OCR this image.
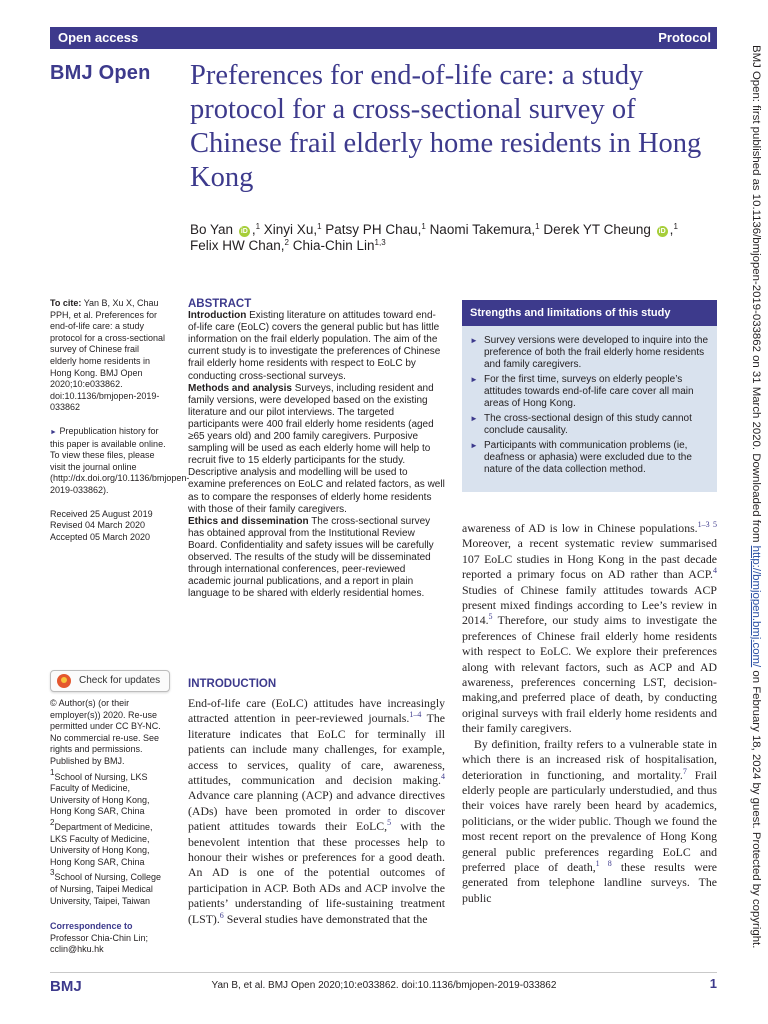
Open access	Protocol
BMJ Open Preferences for end-of-life care: a study protocol for a cross-sectional survey of Chinese frail elderly home residents in Hong Kong
Bo Yan iD ,$^1$ Xinyi Xu,$^1$ Patsy PH Chau,$^1$ Naomi Takemura,$^1$ Derek YT Cheung iD ,$^1$
Felix HW Chan,$^2$ Chia-Chin Lin$^{1,3}$
To cite: Yan B, Xu X, Chau PPH, et al. Preferences for end-of-life care: a study protocol for a cross-sectional survey of Chinese frail elderly home residents in Hong Kong. BMJ Open 2020;10:e033862. doi:10.1136/bmjopen-2019-033862
► Prepublication history for this paper is available online. To view these files, please visit the journal online (http://dx.doi.org/10.1136/bmjopen-2019-033862).

Received 25 August 2019

Revised 04 March 2020

Accepted 05 March 2020

Check for updates

© Author(s) (or their employer(s)) 2020. Re-use permitted under CC BY-NC. No commercial re-use. See rights and permissions. Published by BMJ.

$^1$School of Nursing, LKS Faculty of Medicine, University of Hong Kong, Hong Kong SAR, China

$^2$Department of Medicine, LKS Faculty of Medicine, University of Hong Kong, Hong Kong SAR, China

$^3$School of Nursing, College of Nursing, Taipei Medical University, Taipei, Taiwan

Correspondence to
Professor Chia-Chin Lin;
cclin@hku.hk

ABSTRACT

Introduction Existing literature on attitudes toward end-of-life care (EoLC) covers the general public but has little information on the frail elderly population. The aim of the current study is to investigate the preferences of Chinese frail elderly home residents with respect to EoLC by conducting cross-sectional surveys.

Methods and analysis Surveys, including resident and family versions, were developed based on the existing literature and our pilot interviews. The targeted participants were 400 frail elderly home residents (aged ≥65 years old) and 200 family caregivers. Purposive sampling will be used as each elderly home will help to recruit five to 15 elderly participants for the study. Descriptive analysis and modelling will be used to examine preferences on EoLC and related factors, as well as to compare the responses of elderly home residents with those of their family caregivers.

Ethics and dissemination The cross-sectional survey has obtained approval from the Institutional Review Board. Confidentiality and safety issues will be carefully observed. The results of the study will be disseminated through international conferences, peer-reviewed academic journal publications, and a report in plain language to be shared with elderly residential homes.

INTRODUCTION

End-of-life care (EoLC) attitudes have increasingly attracted attention in peer-reviewed journals.$^{1-4}$ The literature indicates that EoLC for terminally ill patients can include many challenges, for example, access to services, quality of care, awareness, attitudes, communication and decision making.$^4$ Advance care planning (ACP) and advance directives (ADs) have been promoted in order to discover patient attitudes towards their EoLC,$^5$ with the benevolent intention that these processes help to honour their wishes or preferences for a good death. An AD is one of the potential outcomes of participation in ACP. Both ADs and ACP involve the patients’ understanding of life-sustaining treatment (LST).$^6$ Several studies have demonstrated that the

Strengths and limitations of this study
► Survey versions were developed to inquire into the preference of both the frail elderly home residents and family caregivers.
► For the first time, surveys on elderly people’s attitudes towards end-of-life care cover all main areas of Hong Kong.
► The cross-sectional design of this study cannot conclude causality.
► Participants with communication problems (ie, deafness or aphasia) were excluded due to the nature of the data collection method.

awareness of AD is low in Chinese populations.$^{1-3 5}$ Moreover, a recent systematic review summarised 107 EoLC studies in Hong Kong in the past decade reported a primary focus on AD rather than ACP.$^4$ Studies of Chinese family attitudes towards ACP present mixed findings according to Lee’s review in 2014.$^5$ Therefore, our study aims to investigate the preferences of Chinese frail elderly home residents with respect to EoLC. We explore their preferences along with relevant factors, such as ACP and AD awareness, preferences concerning LST, decision-making,and preferred place of death, by conducting original surveys with frail elderly home residents and their family caregivers.

By definition, frailty refers to a vulnerable state in which there is an increased risk of hospitalisation, deterioration in functioning, and mortality.$^7$ Frail elderly people are particularly understudied, and thus their voices have rarely been heard by academics, politicians, or the wider public. Though we found the most recent report on the prevalence of Hong Kong general public preferences regarding EoLC and preferred place of death,$^{1 8}$ these results were generated from telephone landline surveys. The public

BMJ Open: first published as 10.1136/bmjopen-2019-033862 on 31 March 2020. Downloaded from http://bmjopen.bmj.com/ on February 18, 2024 by guest. Protected by copyright.
BMJ	Yan B, et al. BMJ Open 2020;10:e033862. doi:10.1136/bmjopen-2019-033862	1
